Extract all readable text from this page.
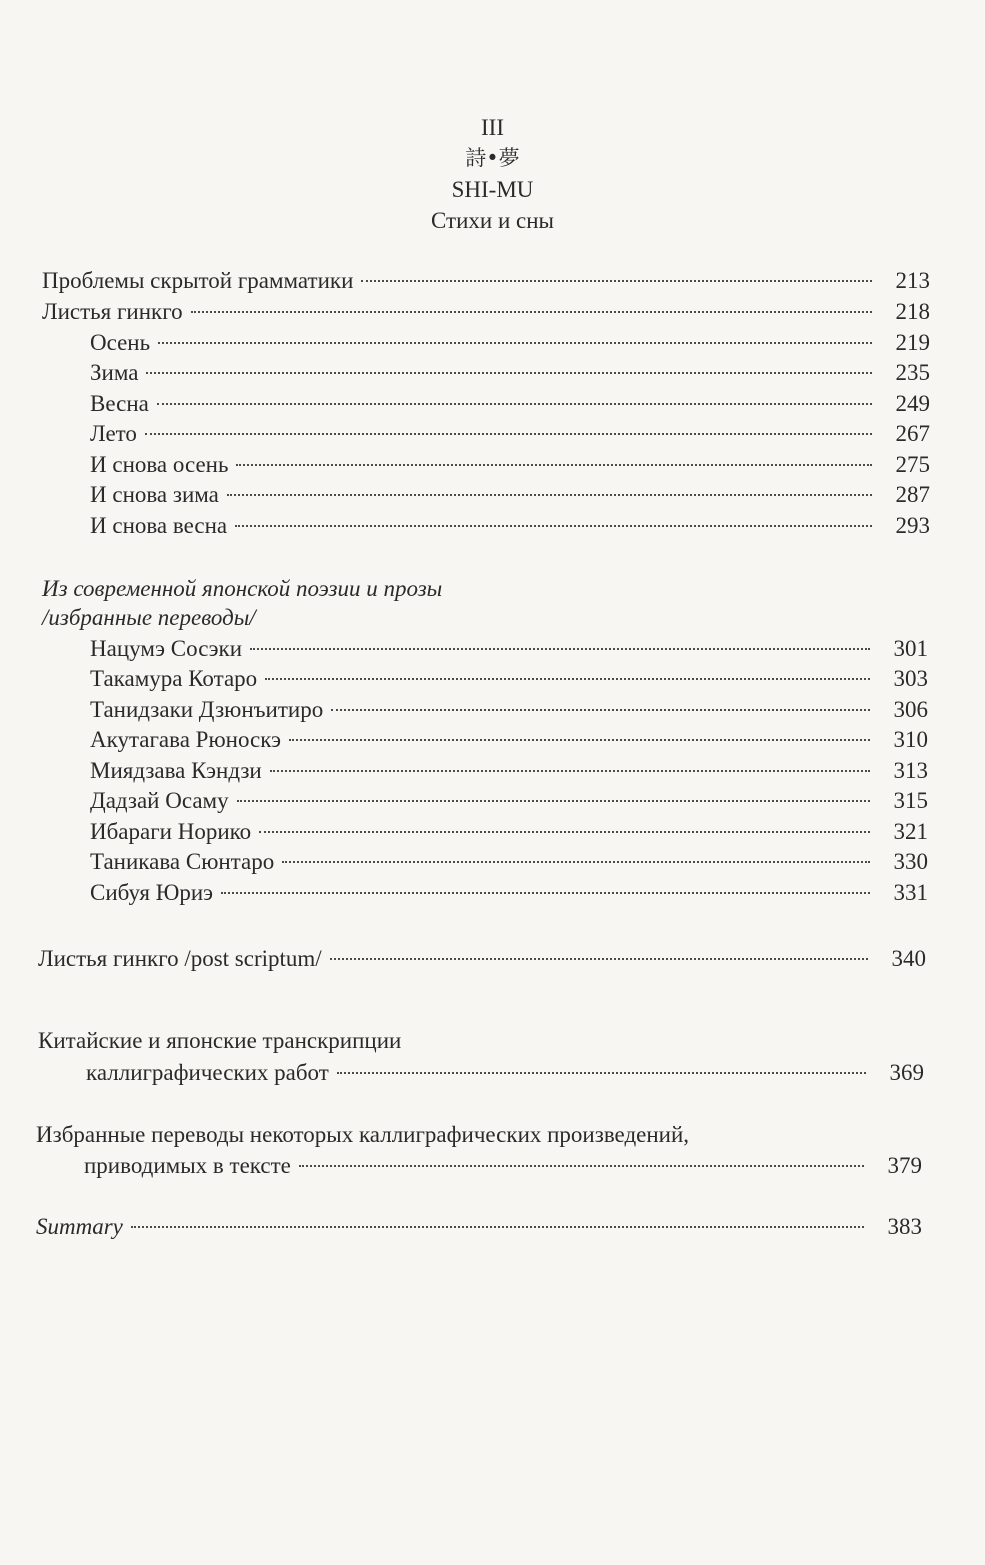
III
詩•夢
SHI-MU
Стихи и сны
Проблемы скрытой грамматики	213
Листья гинкго	218
Осень	219
Зима	235
Весна	249
Лето	267
И снова осень	275
И снова зима	287
И снова весна	293
Из современной японской поэзии и прозы
/избранные переводы/
Нацумэ Сосэки	301
Такамура Котаро	303
Танидзаки Дзюнъитиро	306
Акутагава Рюноскэ	310
Миядзава Кэндзи	313
Дадзай Осаму	315
Ибараги Норико	321
Таникава Сюнтаро	330
Сибуя Юриэ	331
Листья гинкго /post scriptum/	340
Китайские и японские транскрипции
каллиграфических работ	369
Избранные переводы некоторых каллиграфических произведений,
приводимых в тексте	379
Summary	383
